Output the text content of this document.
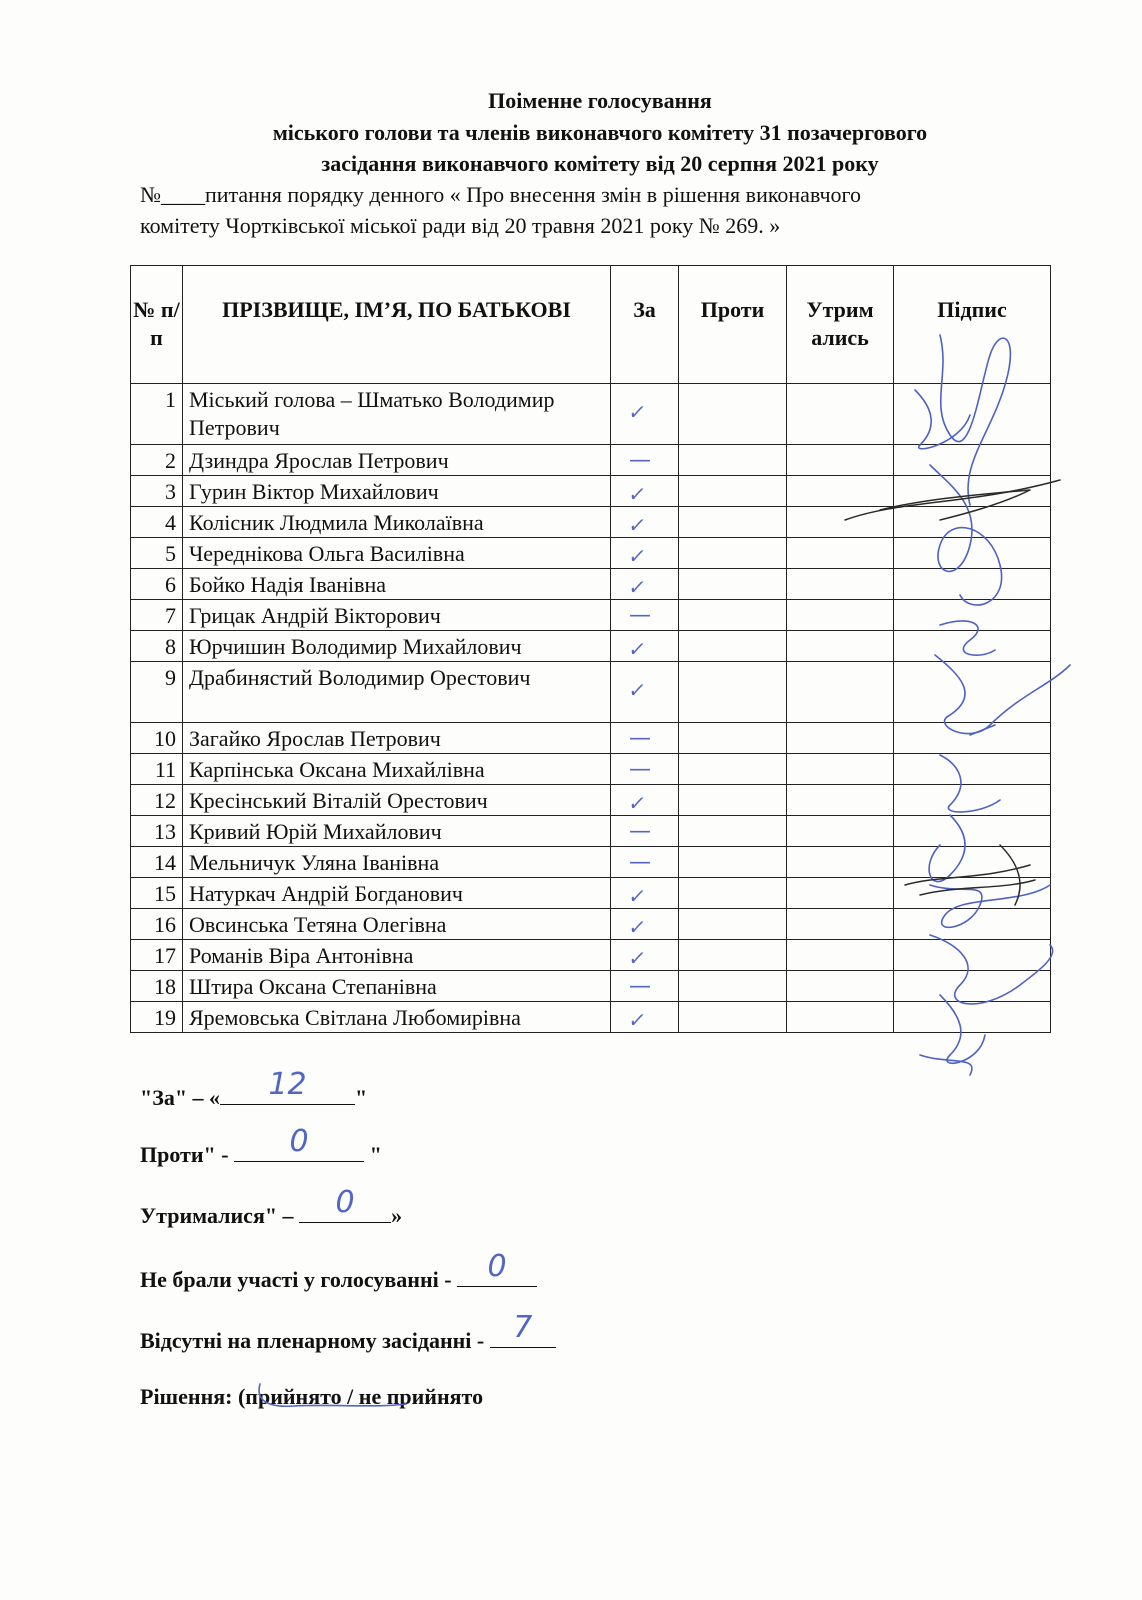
Поіменне голосування
міського голови та членів виконавчого комітету 31 позачергового
засідання виконавчого комітету від 20 серпня 2021 року
№____питання порядку денного « Про внесення змін в рішення виконавчого
комітету Чортківської міської ради від 20 травня 2021 року № 269. »
№ п/п	ПРІЗВИЩЕ, ІМ’Я, ПО БАТЬКОВІ	За	Проти	Утрим ались	Підпис
1	Міський голова – Шматько Володимир Петрович	✓			

2	Дзиндра Ярослав Петрович	—			

3	Гурин Віктор Михайлович	✓			

4	Колісник Людмила Миколаївна	✓			

5	Череднікова Ольга Василівна	✓			

6	Бойко Надія Іванівна	✓			

7	Грицак Андрій Вікторович	—			

8	Юрчишин Володимир Михайлович	✓			

9	Драбинястий Володимир Орестович	✓			

10	Загайко Ярослав Петрович	—			

11	Карпінська Оксана Михайлівна	—			

12	Кресінський Віталій Орестович	✓			

13	Кривий Юрій Михайлович	—			

14	Мельничук Уляна Іванівна	—			

15	Натуркач Андрій Богданович	✓			

16	Овсинська Тетяна Олегівна	✓			

17	Романів Віра Антонівна	✓			

18	Штира Оксана Степанівна	—			

19	Яремовська Світлана Любомирівна	✓			

"За" – « 12 "
Проти" - 0	"
Утрималися" – 0 »
Не брали участі у голосуванні - 0
Відсутні на пленарному засіданні - 7
Рішення: (прийнято / не прийнято
